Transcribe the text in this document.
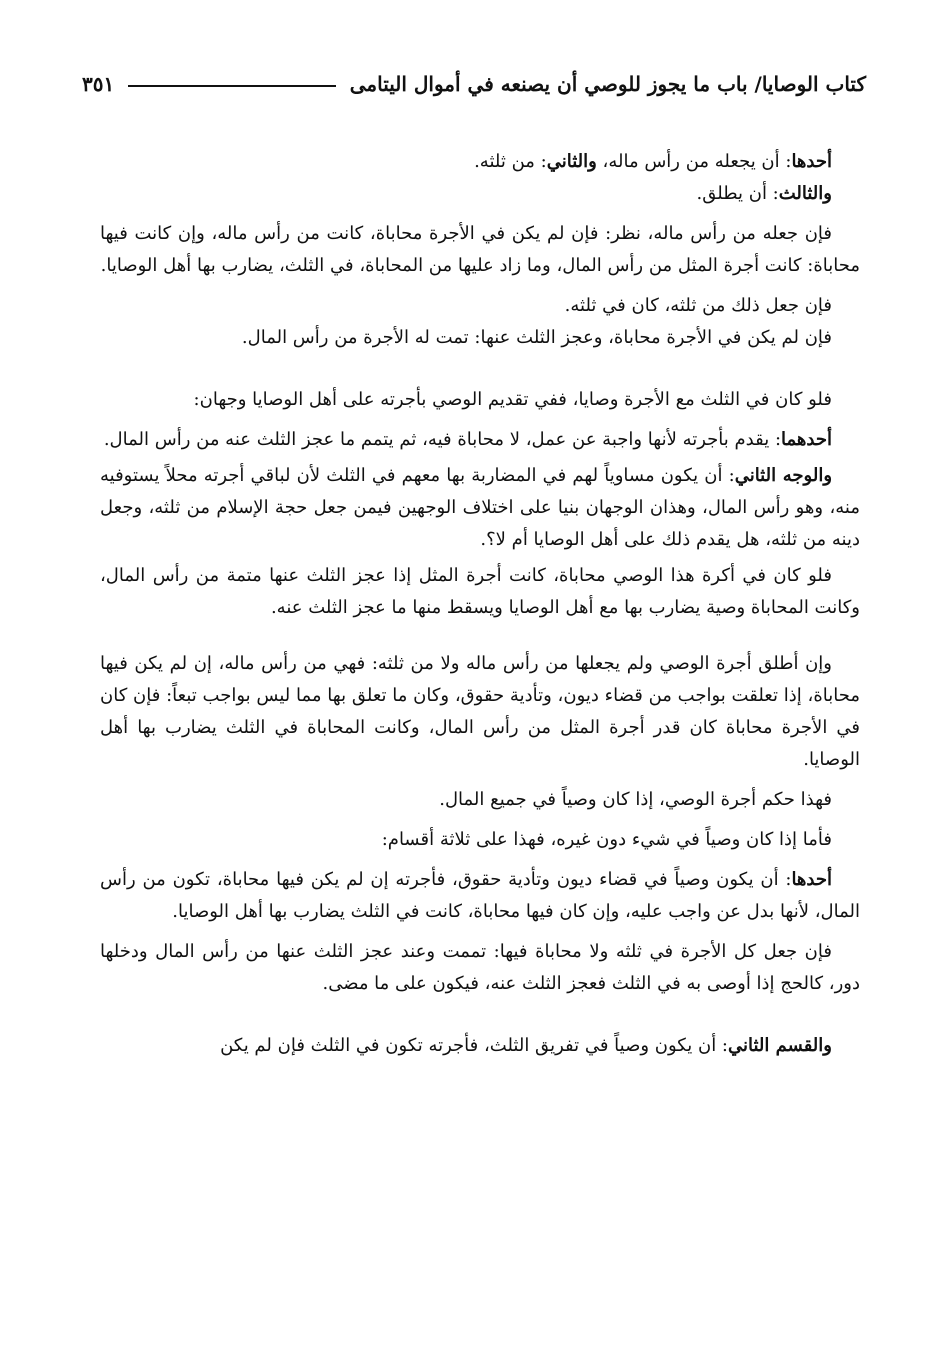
كتاب الوصايا/ باب ما يجوز للوصي أن يصنعه في أموال اليتامى
٣٥١

أحدها: أن يجعله من رأس ماله، والثاني: من ثلثه.

والثالث: أن يطلق.

فإن جعله من رأس ماله، نظر: فإن لم يكن في الأجرة محاباة، كانت من رأس ماله، وإن كانت فيها محاباة: كانت أجرة المثل من رأس المال، وما زاد عليها من المحاباة، في الثلث، يضارب بها أهل الوصايا.

فإن جعل ذلك من ثلثه، كان في ثلثه.

فإن لم يكن في الأجرة محاباة، وعجز الثلث عنها: تمت له الأجرة من رأس المال.

فلو كان في الثلث مع الأجرة وصايا، ففي تقديم الوصي بأجرته على أهل الوصايا وجهان:

أحدهما: يقدم بأجرته لأنها واجبة عن عمل، لا محاباة فيه، ثم يتمم ما عجز الثلث عنه من رأس المال.

والوجه الثاني: أن يكون مساوياً لهم في المضاربة بها معهم في الثلث لأن لباقي أجرته محلاً يستوفيه منه، وهو رأس المال، وهذان الوجهان بنيا على اختلاف الوجهين فيمن جعل حجة الإسلام من ثلثه، وجعل دينه من ثلثه، هل يقدم ذلك على أهل الوصايا أم لا؟.

فلو كان في أكرة هذا الوصي محاباة، كانت أجرة المثل إذا عجز الثلث عنها متمة من رأس المال، وكانت المحاباة وصية يضارب بها مع أهل الوصايا ويسقط منها ما عجز الثلث عنه.

وإن أطلق أجرة الوصي ولم يجعلها من رأس ماله ولا من ثلثه: فهي من رأس ماله، إن لم يكن فيها محاباة، إذا تعلقت بواجب من قضاء ديون، وتأدية حقوق، وكان ما تعلق بها مما ليس بواجب تبعاً: فإن كان في الأجرة محاباة كان قدر أجرة المثل من رأس المال، وكانت المحاباة في الثلث يضارب بها أهل الوصايا.

فهذا حكم أجرة الوصي، إذا كان وصياً في جميع المال.

فأما إذا كان وصياً في شيء دون غيره، فهذا على ثلاثة أقسام:

أحدها: أن يكون وصياً في قضاء ديون وتأدية حقوق، فأجرته إن لم يكن فيها محاباة، تكون من رأس المال، لأنها بدل عن واجب عليه، وإن كان فيها محاباة، كانت في الثلث يضارب بها أهل الوصايا.

فإن جعل كل الأجرة في ثلثه ولا محاباة فيها: تممت وعند عجز الثلث عنها من رأس المال ودخلها دور، كالحج إذا أوصى به في الثلث فعجز الثلث عنه، فيكون على ما مضى.

والقسم الثاني: أن يكون وصياً في تفريق الثلث، فأجرته تكون في الثلث فإن لم يكن
